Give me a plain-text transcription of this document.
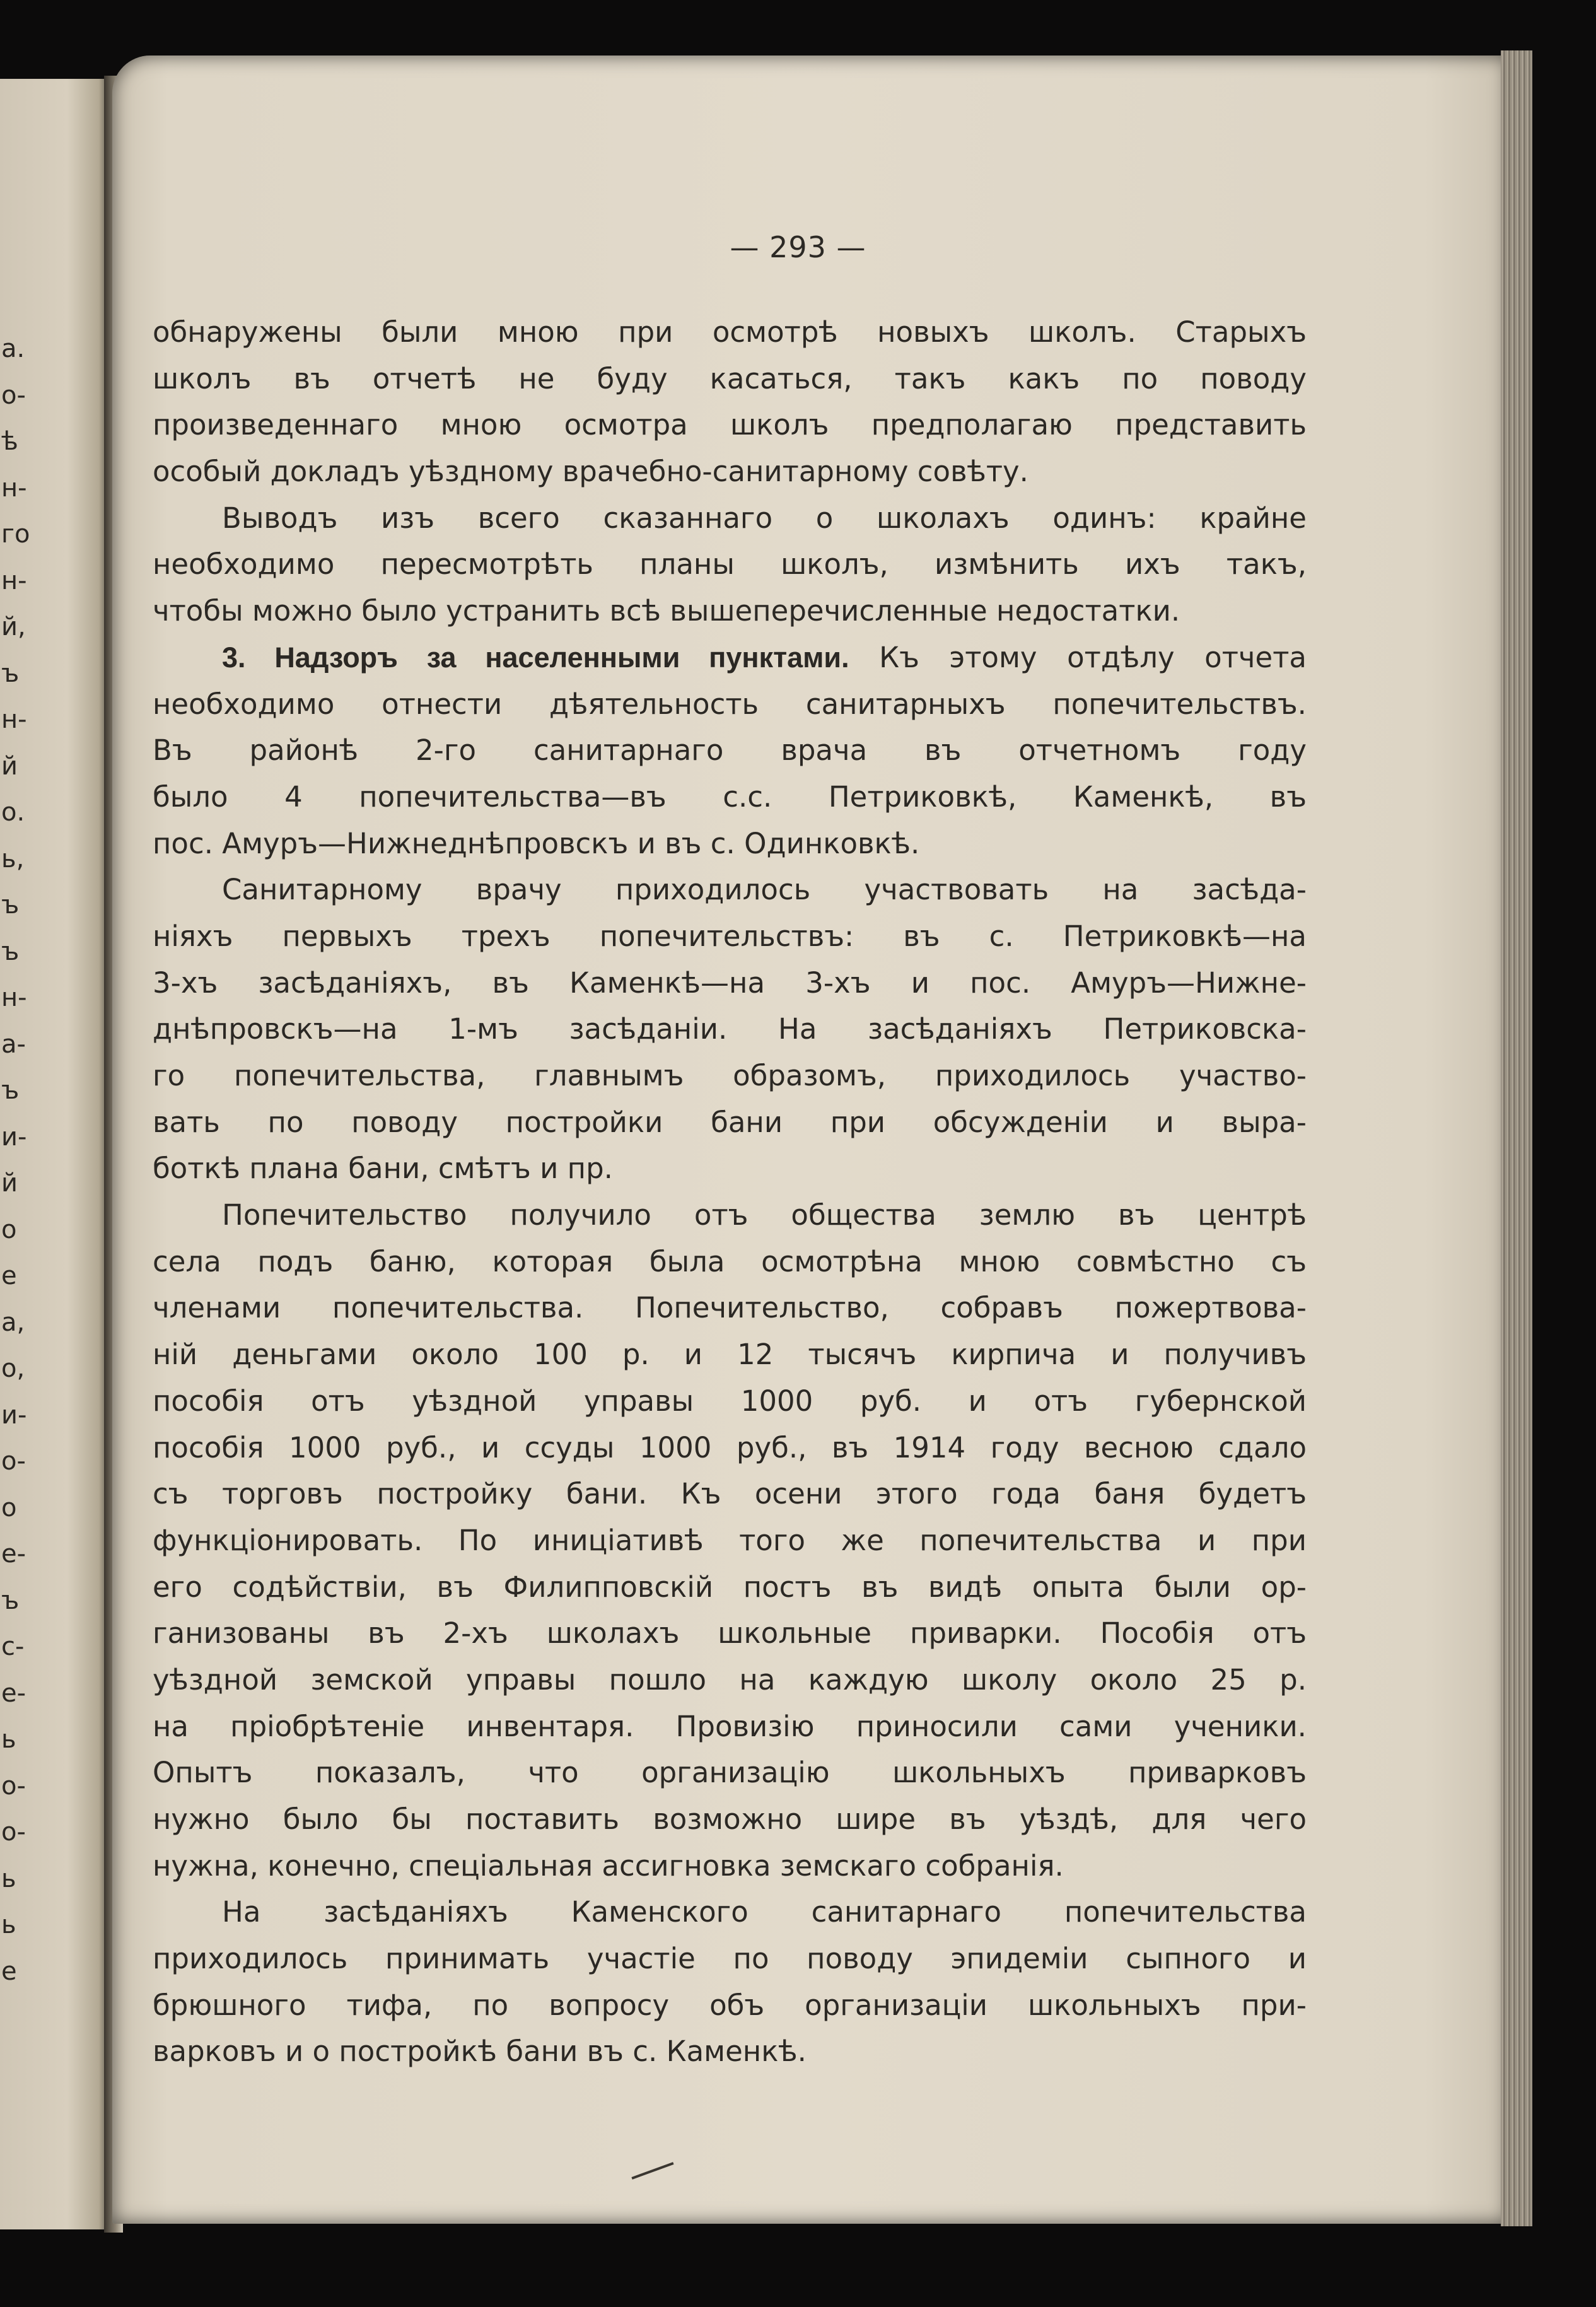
а.
о-
ѣ
н-
го
н-
й,
ъ
н-
й
о.
ь,
ъ
ъ
н-
а-
ъ
и-
й
о
е
а,
о,
и-
о-
о
е-
ъ
с-
е-
ь
о-
о-
ь
ь
е
— 293 —
обнаружены были мною при осмотрѣ новыхъ школъ. Старыхъ
школъ въ отчетѣ не буду касаться, такъ какъ по поводу
произведеннаго мною осмотра школъ предполагаю представить
особый докладъ уѣздному врачебно-санитарному совѣту.
Выводъ изъ всего сказаннаго о школахъ одинъ: крайне
необходимо пересмотрѣть планы школъ, измѣнить ихъ такъ,
чтобы можно было устранить всѣ вышеперечисленные недостатки.
3. Надзоръ за населенными пунктами. Къ этому отдѣлу отчета
необходимо отнести дѣятельность санитарныхъ попечительствъ.
Въ районѣ 2-го санитарнаго врача въ отчетномъ году
было 4 попечительства—въ с.с. Петриковкѣ, Каменкѣ, въ
пос. Амуръ—Нижнеднѣпровскъ и въ с. Одинковкѣ.
Санитарному врачу приходилось участвовать на засѣда-
ніяхъ первыхъ трехъ попечительствъ: въ с. Петриковкѣ—на
3-хъ засѣданіяхъ, въ Каменкѣ—на 3-хъ и пос. Амуръ—Нижне-
днѣпровскъ—на 1-мъ засѣданіи. На засѣданіяхъ Петриковска-
го попечительства, главнымъ образомъ, приходилось участво-
вать по поводу постройки бани при обсужденіи и выра-
боткѣ плана бани, смѣтъ и пр.
Попечительство получило отъ общества землю въ центрѣ
села подъ баню, которая была осмотрѣна мною совмѣстно съ
членами попечительства. Попечительство, собравъ пожертвова-
ній деньгами около 100 р. и 12 тысячъ кирпича и получивъ
пособія отъ уѣздной управы 1000 руб. и отъ губернской
пособія 1000 руб., и ссуды 1000 руб., въ 1914 году весною сдало
съ торговъ постройку бани. Къ осени этого года баня будетъ
функціонировать. По иниціативѣ того же попечительства и при
его содѣйствіи, въ Филипповскій постъ въ видѣ опыта были ор-
ганизованы въ 2-хъ школахъ школьные приварки. Пособія отъ
уѣздной земской управы пошло на каждую школу около 25 р.
на пріобрѣтеніе инвентаря. Провизію приносили сами ученики.
Опытъ показалъ, что организацію школьныхъ приварковъ
нужно было бы поставить возможно шире въ уѣздѣ, для чего
нужна, конечно, спеціальная ассигновка земскаго собранія.
На засѣданіяхъ Каменского санитарнаго попечительства
приходилось принимать участіе по поводу эпидеміи сыпного и
брюшного тифа, по вопросу объ организаціи школьныхъ при-
варковъ и о постройкѣ бани въ с. Каменкѣ.
